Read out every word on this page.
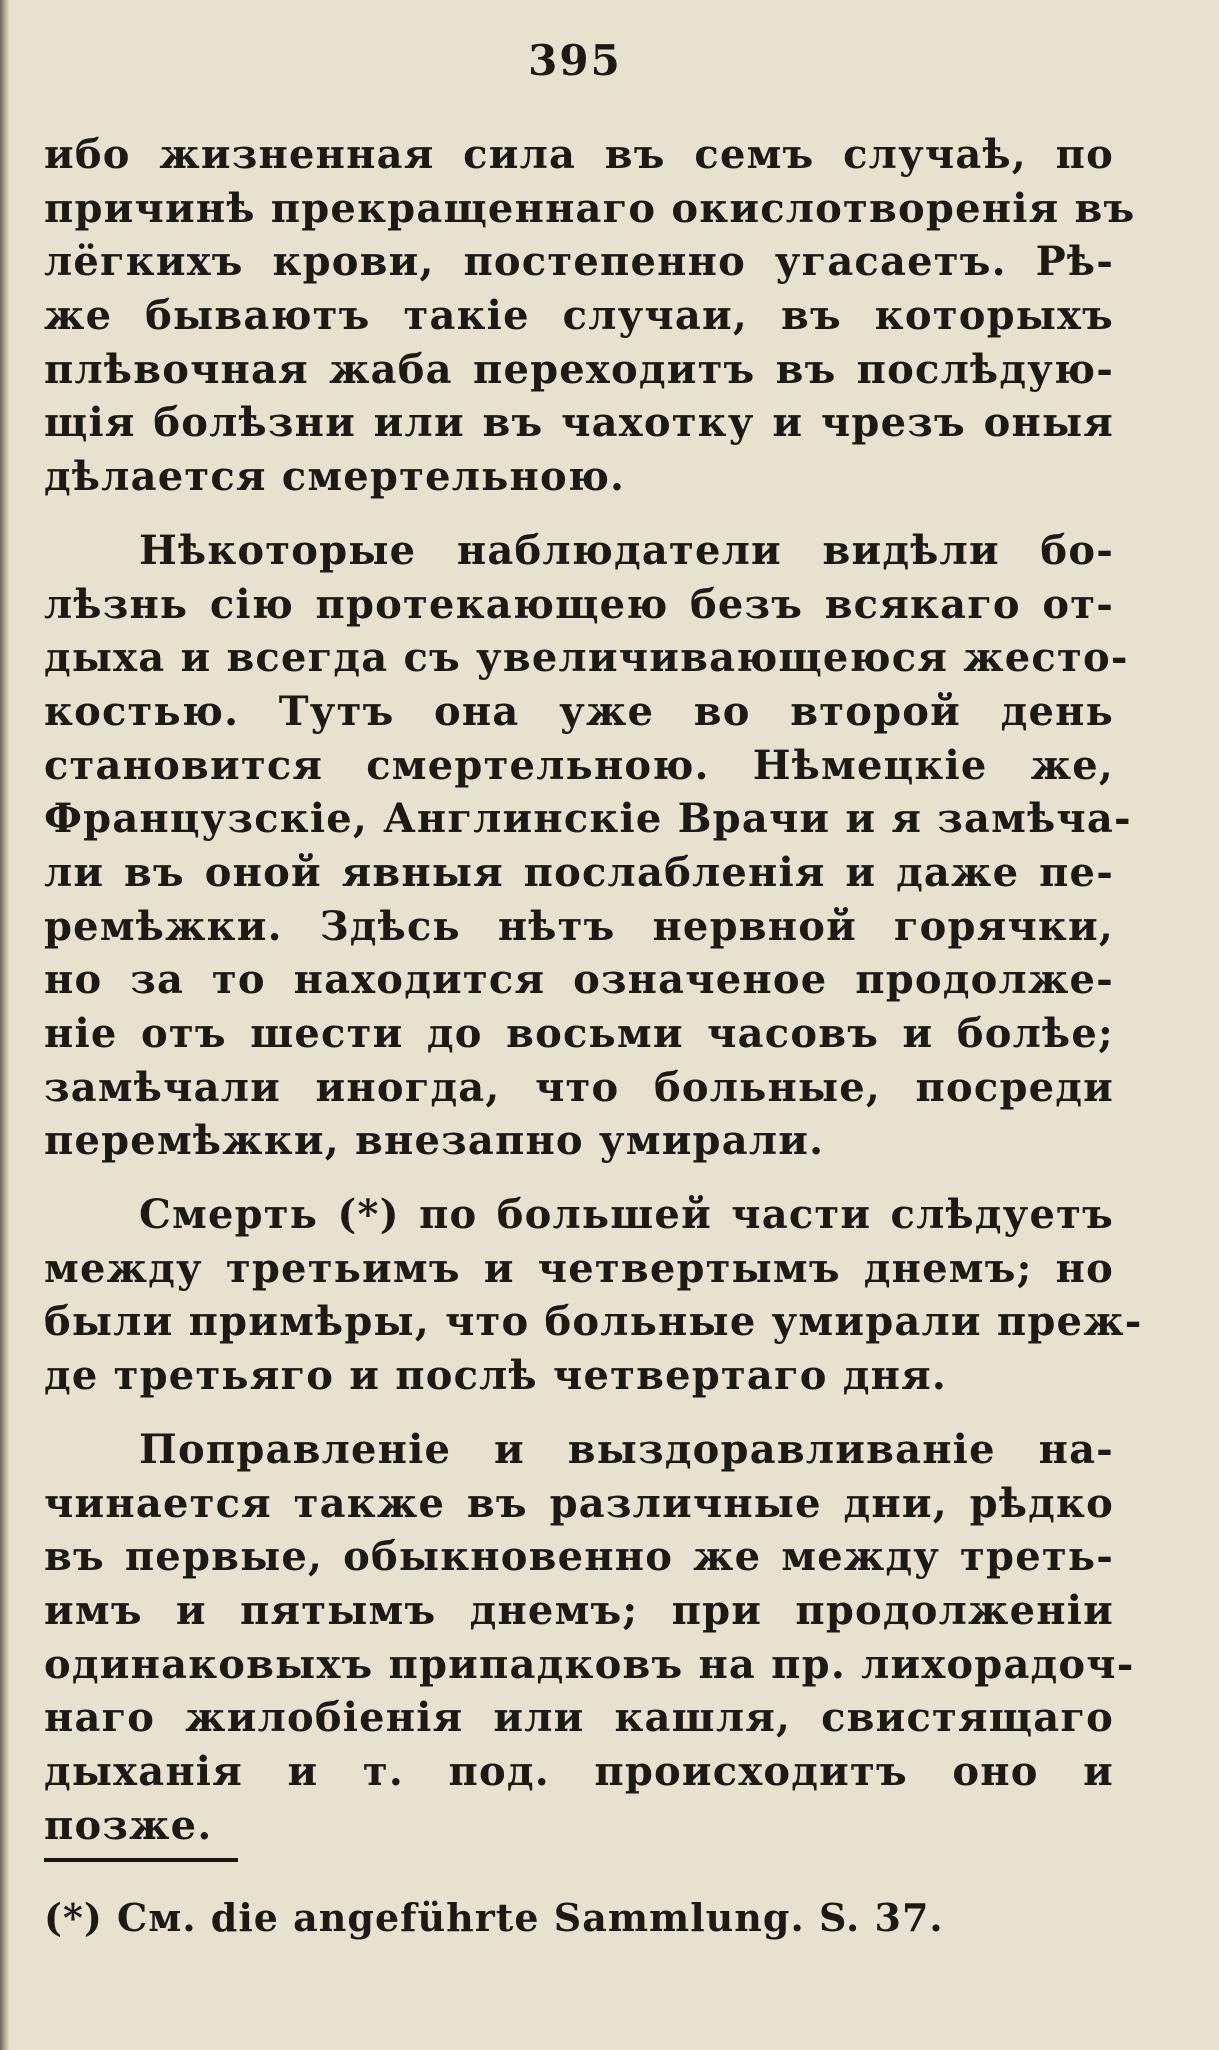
395
ибо жизненная сила въ семъ случаѣ, по
причинѣ прекращеннаго окислотворенія въ
лёгкихъ крови, постепенно угасаетъ. Рѣ-
же бываютъ такіе случаи, въ которыхъ
плѣвочная жаба переходитъ въ послѣдую-
щія болѣзни или въ чахотку и чрезъ оныя
дѣлается смертельною.
Нѣкоторые наблюдатели видѣли бо-
лѣзнь сію протекающею безъ всякаго от-
дыха и всегда съ увеличивающеюся жесто-
костью. Тутъ она уже во второй день
становится смертельною. Нѣмецкіе же,
Французскіе, Англинскіе Врачи и я замѣча-
ли въ оной явныя послабленія и даже пе-
ремѣжки. Здѣсь нѣтъ нервной горячки,
но за то находится означеное продолже-
ніе отъ шести до восьми часовъ и болѣе;
замѣчали иногда, что больные, посреди
перемѣжки, внезапно умирали.
Смерть (*) по большей части слѣдуетъ
между третьимъ и четвертымъ днемъ; но
были примѣры, что больные умирали преж-
де третьяго и послѣ четвертаго дня.
Поправленіе и выздоравливаніе на-
чинается также въ различные дни, рѣдко
въ первые, обыкновенно же между треть-
имъ и пятымъ днемъ; при продолженіи
одинаковыхъ припадковъ на пр. лихорадоч-
наго жилобіенія или кашля, свистящаго
дыханія и т. под. происходитъ оно и
позже.
(*) См. die angeführte Sammlung. S. 37.
